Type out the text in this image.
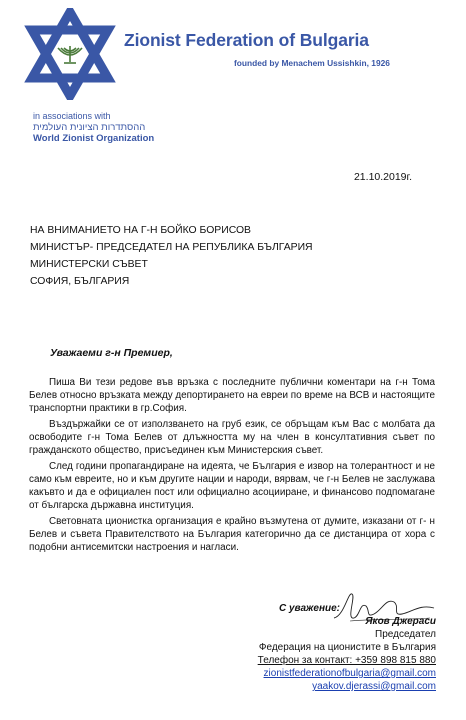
Zionist Federation of Bulgaria
founded by Menachem Ussishkin, 1926
in associations with

ההסתדרות הציונית העולמית
World Zionist Organization
21.10.2019г.
НА ВНИМАНИЕТО НА Г-Н БОЙКО БОРИСОВ
МИНИСТЪР- ПРЕДСЕДАТЕЛ НА РЕПУБЛИКА БЪЛГАРИЯ
МИНИСТЕРСКИ СЪВЕТ
СОФИЯ, БЪЛГАРИЯ
Уважаеми г-н Премиер,

Пиша Ви тези редове във връзка с последните публични коментари на г-н Тома Белев относно връзката между депортирането на евреи по време на ВСВ и настоящите транспортни практики в гр.София.

Въздържайки се от използването на груб език, се обръщам към Вас с молбата да освободите г-н Тома Белев от длъжността му на член в консултативния съвет по гражданското общество, присъединен към Министерския съвет.

След години пропагандиране на идеята, че България е извор на толерантност и не само към евреите, но и към другите нации и народи, вярвам, че г-н Белев не заслужава какъвто и да е официален пост или официално асоцииране, и финансово подпомагане от българска държавна институция.

Световната ционистка организация е крайно възмутена от думите, изказани от г- н Белев и съвета Правителството на България категорично да се дистанцира от хора с подобни антисемитски настроения и нагласи.

С уважение:
Яков Джераси
Председател
Федерация на ционистите в България
Телефон за контакт: +359 898 815 880
zionistfederationofbulgaria@gmail.com
yaakov.djerassi@gmail.com
